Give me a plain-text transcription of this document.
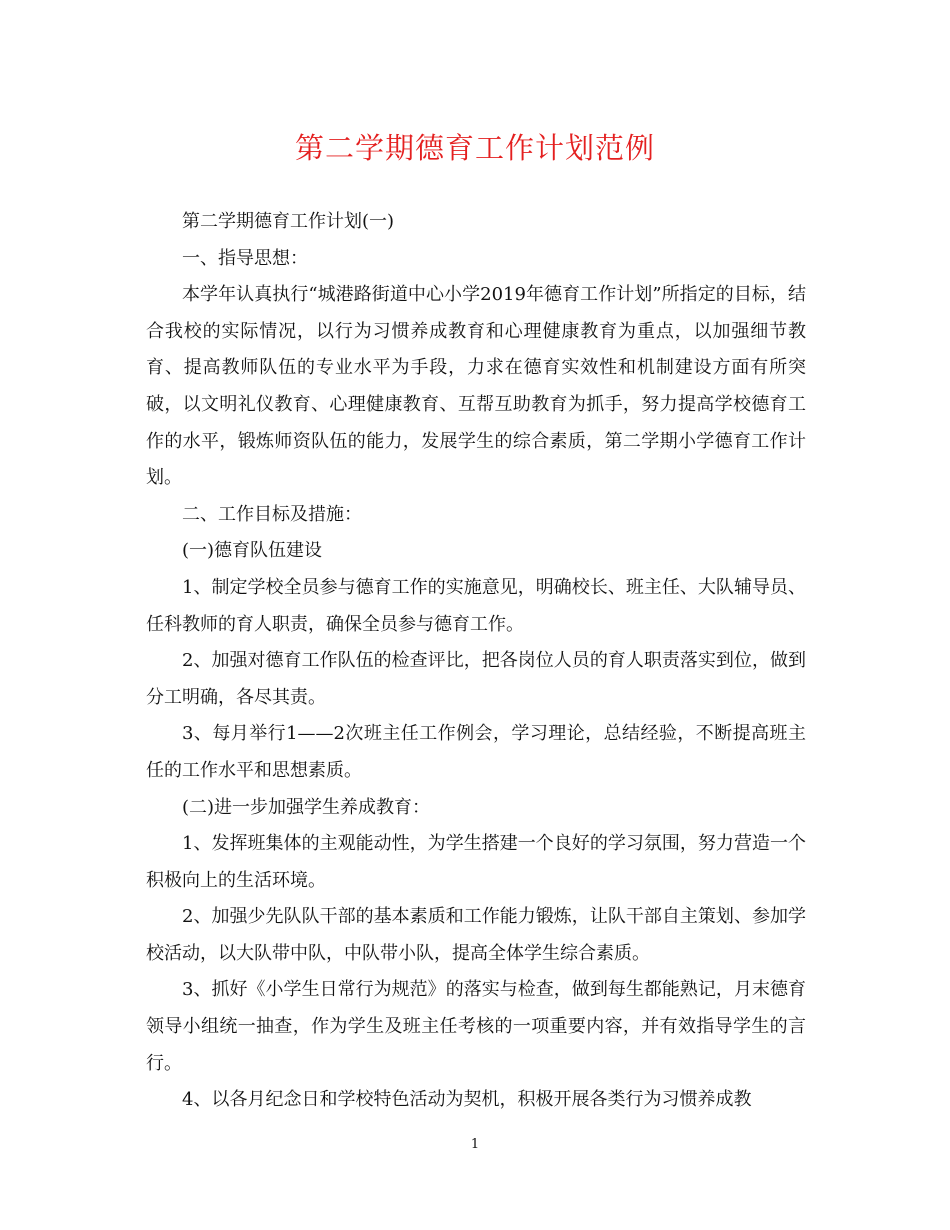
第二学期德育工作计划范例

第二学期德育工作计划(一)

一、指导思想：

本学年认真执行“城港路街道中心小学2019年德育工作计划”所指定的目标，结合我校的实际情况，以行为习惯养成教育和心理健康教育为重点，以加强细节教育、提高教师队伍的专业水平为手段，力求在德育实效性和机制建设方面有所突破，以文明礼仪教育、心理健康教育、互帮互助教育为抓手，努力提高学校德育工作的水平，锻炼师资队伍的能力，发展学生的综合素质，第二学期小学德育工作计划。

二、工作目标及措施：

(一)德育队伍建设

1、制定学校全员参与德育工作的实施意见，明确校长、班主任、大队辅导员、任科教师的育人职责，确保全员参与德育工作。

2、加强对德育工作队伍的检查评比，把各岗位人员的育人职责落实到位，做到分工明确，各尽其责。

3、每月举行1——2次班主任工作例会，学习理论，总结经验，不断提高班主任的工作水平和思想素质。

(二)进一步加强学生养成教育：

1、发挥班集体的主观能动性，为学生搭建一个良好的学习氛围，努力营造一个积极向上的生活环境。

2、加强少先队队干部的基本素质和工作能力锻炼，让队干部自主策划、参加学校活动，以大队带中队，中队带小队，提高全体学生综合素质。

3、抓好《小学生日常行为规范》的落实与检查，做到每生都能熟记，月末德育领导小组统一抽查，作为学生及班主任考核的一项重要内容，并有效指导学生的言行。

4、以各月纪念日和学校特色活动为契机，积极开展各类行为习惯养成教

1
